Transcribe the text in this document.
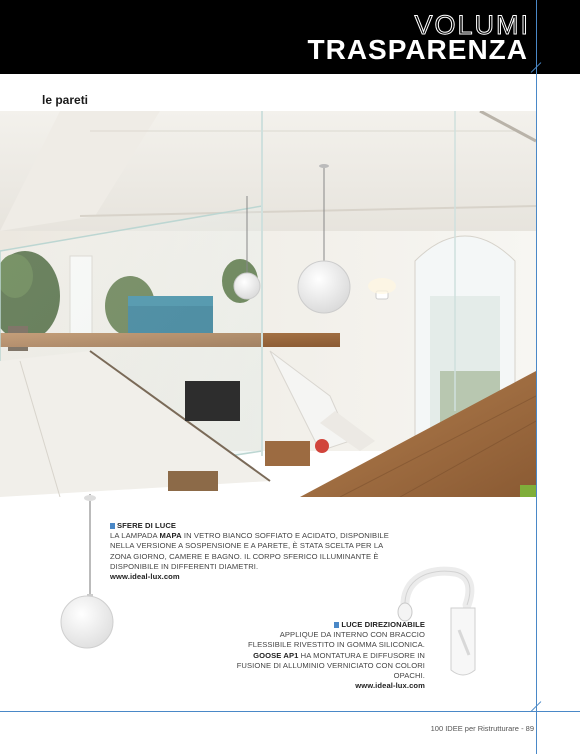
VOLUMI
TRASPARENZA
le pareti
SFERE DI LUCE
LA LAMPADA MAPA IN VETRO BIANCO SOFFIATO E ACIDATO, DISPONIBILE NELLA VERSIONE A SOSPENSIONE E A PARETE, È STATA SCELTA PER LA ZONA GIORNO, CAMERE E BAGNO. IL CORPO SFERICO ILLUMINANTE È DISPONIBILE IN DIFFERENTI DIAMETRI.
www.ideal-lux.com
LUCE DIREZIONABILE
APPLIQUE DA INTERNO CON BRACCIO FLESSIBILE RIVESTITO IN GOMMA SILICONICA. GOOSE AP1 HA MONTATURA E DIFFUSORE IN FUSIONE DI ALLUMINIO VERNICIATO CON COLORI OPACHI.
www.ideal-lux.com
100 IDEE per Ristrutturare - 89
